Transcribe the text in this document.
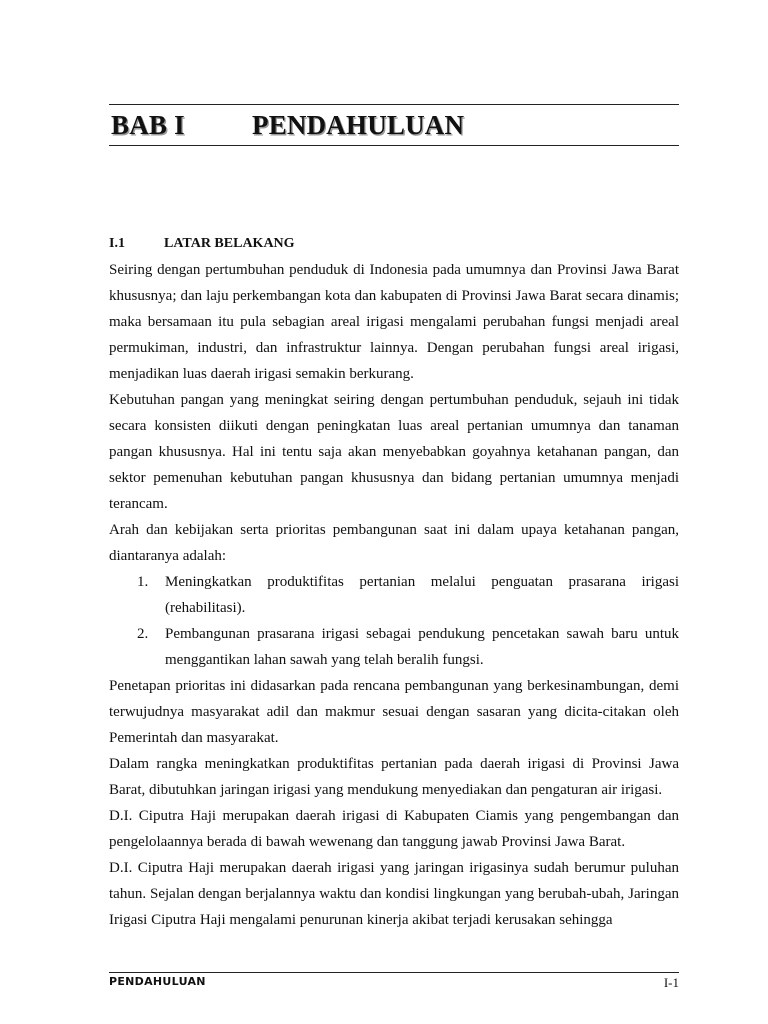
BAB I PENDAHULUAN
I.1	LATAR BELAKANG

Seiring dengan pertumbuhan penduduk di Indonesia pada umumnya dan Provinsi Jawa Barat khususnya; dan laju perkembangan kota dan kabupaten di Provinsi Jawa Barat secara dinamis; maka bersamaan itu pula sebagian areal irigasi mengalami perubahan fungsi menjadi areal permukiman, industri, dan infrastruktur lainnya. Dengan perubahan fungsi areal irigasi, menjadikan luas daerah irigasi semakin berkurang.

Kebutuhan pangan yang meningkat seiring dengan pertumbuhan penduduk, sejauh ini tidak secara konsisten diikuti dengan peningkatan luas areal pertanian umumnya dan tanaman pangan khususnya. Hal ini tentu saja akan menyebabkan goyahnya ketahanan pangan, dan sektor pemenuhan kebutuhan pangan khususnya dan bidang pertanian umumnya menjadi terancam.

Arah dan kebijakan serta prioritas pembangunan saat ini dalam upaya ketahanan pangan, diantaranya adalah:

1.	Meningkatkan produktifitas pertanian melalui penguatan prasarana irigasi (rehabilitasi).
2.	Pembangunan prasarana irigasi sebagai pendukung pencetakan sawah baru untuk menggantikan lahan sawah yang telah beralih fungsi.

Penetapan prioritas ini didasarkan pada rencana pembangunan yang berkesinambungan, demi terwujudnya masyarakat adil dan makmur sesuai dengan sasaran yang dicita-citakan oleh Pemerintah dan masyarakat.

Dalam rangka meningkatkan produktifitas pertanian pada daerah irigasi di Provinsi Jawa Barat, dibutuhkan jaringan irigasi yang mendukung menyediakan dan pengaturan air irigasi.

D.I. Ciputra Haji merupakan daerah irigasi di Kabupaten Ciamis yang pengembangan dan pengelolaannya berada di bawah wewenang dan tanggung jawab Provinsi Jawa Barat.

D.I. Ciputra Haji merupakan daerah irigasi yang jaringan irigasinya sudah berumur puluhan tahun. Sejalan dengan berjalannya waktu dan kondisi lingkungan yang berubah-ubah, Jaringan Irigasi Ciputra Haji mengalami penurunan kinerja akibat terjadi kerusakan sehingga

PENDAHULUAN	I-1
